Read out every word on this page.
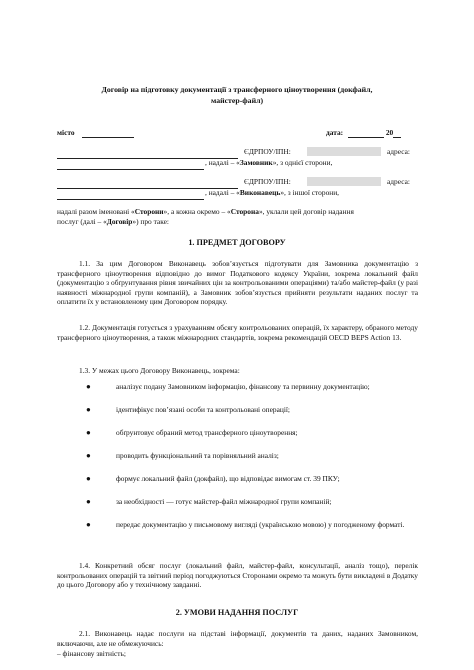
Договір на підготовку документації з трансферного ціноутворення (докфайл,
майстер-файл)
місто	дата:	20
ЄДРПОУ/ІПН:	адреса:
, надалі – «Замовник», з однієї сторони,
ЄДРПОУ/ІПН:	адреса:
, надалі – «Виконавець», з іншої сторони,
надалі разом іменовані «Сторони», а кожна окремо – «Сторона», уклали цей договір надання
послуг (далі – «Договір») про таке:
1. ПРЕДМЕТ ДОГОВОРУ
1.1. За цим Договором Виконавець зобов’язується підготувати для Замовника документацію з трансферного ціноутворення відповідно до вимог Податкового кодексу України, зокрема локальний файл (документацію з обґрунтування рівня звичайних цін за контрольованими операціями) та/або майстер-файл (у разі наявності міжнародної групи компаній), а Замовник зобов’язується прийняти результати наданих послуг та оплатити їх у встановленому цим Договором порядку.
1.2. Документація готується з урахуванням обсягу контрольованих операцій, їх характеру, обраного методу трансферного ціноутворення, а також міжнародних стандартів, зокрема рекомендацій OECD BEPS Action 13.
1.3. У межах цього Договору Виконавець, зокрема:
●	аналізує подану Замовником інформацію, фінансову та первинну документацію;
●	ідентифікує пов’язані особи та контрольовані операції;
●	обґрунтовує обраний метод трансферного ціноутворення;
●	проводить функціональний та порівняльний аналіз;
●	формує локальний файл (докфайл), що відповідає вимогам ст. 39 ПКУ;
●	за необхідності — готує майстер-файл міжнародної групи компаній;
●	передає документацію у письмовому вигляді (українською мовою) у погодженому форматі.
1.4. Конкретний обсяг послуг (локальний файл, майстер-файл, консультації, аналіз тощо), перелік контрольованих операцій та звітний період погоджуються Сторонами окремо та можуть бути викладені в Додатку до цього Договору або у технічному завданні.
2. УМОВИ НАДАННЯ ПОСЛУГ
2.1. Виконавець надає послуги на підставі інформації, документів та даних, наданих Замовником, включаючи, але не обмежуючись:
– фінансову звітність;
